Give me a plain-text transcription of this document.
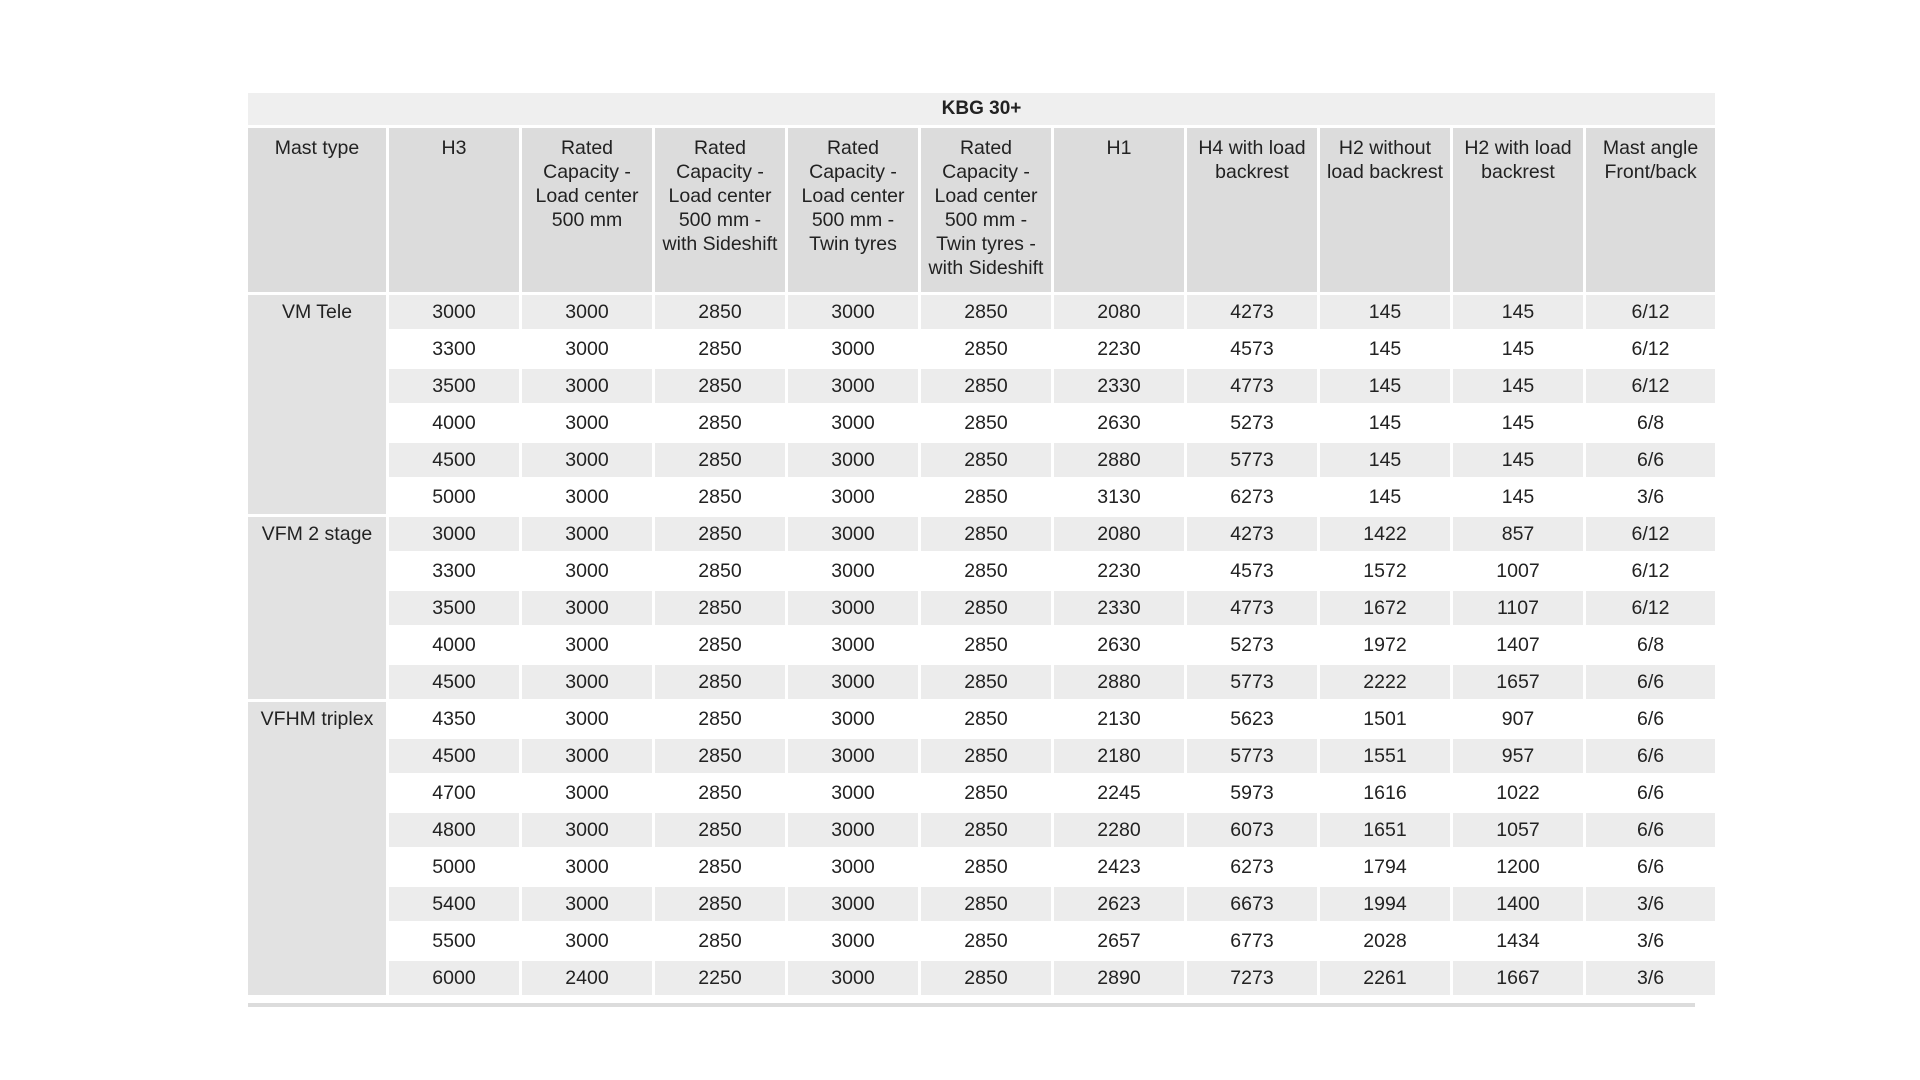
KBG 30+										
Mast type	H3	Rated Capacity - Load center 500 mm	Rated Capacity - Load center 500 mm - with Sideshift	Rated Capacity - Load center 500 mm - Twin tyres	Rated Capacity - Load center 500 mm - Twin tyres - with Sideshift	H1	H4 with load backrest	H2 without load backrest	H2 with load backrest	Mast angle Front/back
VM Tele	3000	3000	2850	3000	2850	2080	4273	145	145	6/12
	3300	3000	2850	3000	2850	2230	4573	145	145	6/12
	3500	3000	2850	3000	2850	2330	4773	145	145	6/12
	4000	3000	2850	3000	2850	2630	5273	145	145	6/8
	4500	3000	2850	3000	2850	2880	5773	145	145	6/6
	5000	3000	2850	3000	2850	3130	6273	145	145	3/6
VFM 2 stage	3000	3000	2850	3000	2850	2080	4273	1422	857	6/12
	3300	3000	2850	3000	2850	2230	4573	1572	1007	6/12
	3500	3000	2850	3000	2850	2330	4773	1672	1107	6/12
	4000	3000	2850	3000	2850	2630	5273	1972	1407	6/8
	4500	3000	2850	3000	2850	2880	5773	2222	1657	6/6
VFHM triplex	4350	3000	2850	3000	2850	2130	5623	1501	907	6/6
	4500	3000	2850	3000	2850	2180	5773	1551	957	6/6
	4700	3000	2850	3000	2850	2245	5973	1616	1022	6/6
	4800	3000	2850	3000	2850	2280	6073	1651	1057	6/6
	5000	3000	2850	3000	2850	2423	6273	1794	1200	6/6
	5400	3000	2850	3000	2850	2623	6673	1994	1400	3/6
	5500	3000	2850	3000	2850	2657	6773	2028	1434	3/6
	6000	2400	2250	3000	2850	2890	7273	2261	1667	3/6
